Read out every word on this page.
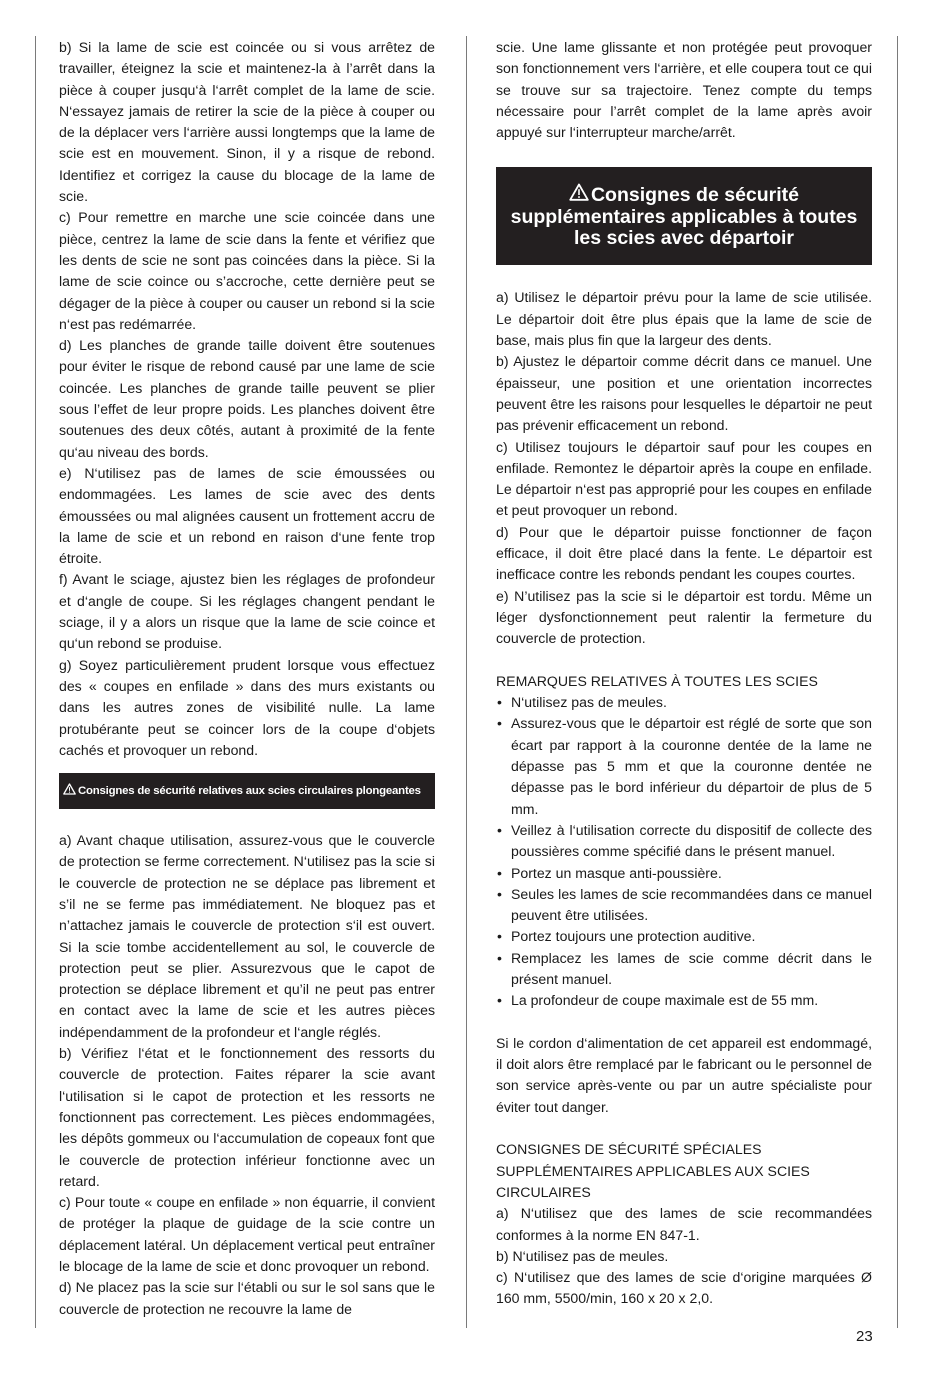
b) Si la lame de scie est coincée ou si vous arrêtez de travailler, éteignez la scie et maintenez-la à l’arrêt dans la pièce à couper jusqu‘à l‘arrêt complet de la lame de scie. N‘essayez jamais de retirer la scie de la pièce à couper ou de la déplacer vers l‘arrière aussi longtemps que la lame de scie est en mouvement. Sinon, il y a risque de rebond. Identifiez et corrigez la cause du blocage de la lame de scie.

c) Pour remettre en marche une scie coincée dans une pièce, centrez la lame de scie dans la fente et vérifiez que les dents de scie ne sont pas coincées dans la pièce. Si la lame de scie coince ou s’accroche, cette dernière peut se dégager de la pièce à couper ou causer un rebond si la scie n‘est pas redémarrée.

d) Les planches de grande taille doivent être soutenues pour éviter le risque de rebond causé par une lame de scie coincée. Les planches de grande taille peuvent se plier sous l’effet de leur propre poids. Les planches doivent être soutenues des deux côtés, autant à proximité de la fente qu‘au niveau des bords.

e) N‘utilisez pas de lames de scie émoussées ou endommagées. Les lames de scie avec des dents émoussées ou mal alignées causent un frottement accru de la lame de scie et un rebond en raison d‘une fente trop étroite.

f) Avant le sciage, ajustez bien les réglages de profondeur et d‘angle de coupe. Si les réglages changent pendant le sciage, il y a alors un risque que la lame de scie coince et qu‘un rebond se produise.

g) Soyez particulièrement prudent lorsque vous effectuez des « coupes en enfilade » dans des murs existants ou dans les autres zones de visibilité nulle. La lame protubérante peut se coincer lors de la coupe d‘objets cachés et provoquer un rebond.

Consignes de sécurité relatives aux scies circulaires plongeantes

a) Avant chaque utilisation, assurez-vous que le couvercle de protection se ferme correctement. N‘utilisez pas la scie si le couvercle de protection ne se déplace pas librement et s’il ne se ferme pas immédiatement. Ne bloquez pas et n’attachez jamais le couvercle de protection s‘il est ouvert. Si la scie tombe accidentellement au sol, le couvercle de protection peut se plier. Assurezvous que le capot de protection se déplace librement et qu’il ne peut pas entrer en contact avec la lame de scie et les autres pièces indépendamment de la profondeur et l‘angle réglés.

b) Vérifiez l‘état et le fonctionnement des ressorts du couvercle de protection. Faites réparer la scie avant l‘utilisation si le capot de protection et les ressorts ne fonctionnent pas correctement. Les pièces endommagées, les dépôts gommeux ou l‘accumulation de copeaux font que le couvercle de protection inférieur fonctionne avec un retard.

c) Pour toute « coupe en enfilade » non équarrie, il convient de protéger la plaque de guidage de la scie contre un déplacement latéral. Un déplacement vertical peut entraîner le blocage de la lame de scie et donc provoquer un rebond.

d) Ne placez pas la scie sur l‘établi ou sur le sol sans que le couvercle de protection ne recouvre la lame de

scie. Une lame glissante et non protégée peut provoquer son fonctionnement vers l‘arrière, et elle coupera tout ce qui se trouve sur sa trajectoire. Tenez compte du temps nécessaire pour l’arrêt complet de la lame après avoir appuyé sur l‘interrupteur marche/arrêt.

Consignes de sécurité
supplémentaires applicables à toutes
les scies avec départoir

a) Utilisez le départoir prévu pour la lame de scie utilisée. Le départoir doit être plus épais que la lame de scie de base, mais plus fin que la largeur des dents.

b) Ajustez le départoir comme décrit dans ce manuel. Une épaisseur, une position et une orientation incorrectes peuvent être les raisons pour lesquelles le départoir ne peut pas prévenir efficacement un rebond.

c) Utilisez toujours le départoir sauf pour les coupes en enfilade. Remontez le départoir après la coupe en enfilade. Le départoir n‘est pas approprié pour les coupes en enfilade et peut provoquer un rebond.

d) Pour que le départoir puisse fonctionner de façon efficace, il doit être placé dans la fente. Le départoir est inefficace contre les rebonds pendant les coupes courtes.

e) N’utilisez pas la scie si le départoir est tordu. Même un léger dysfonctionnement peut ralentir la fermeture du couvercle de protection.

REMARQUES RELATIVES À TOUTES LES SCIES

• N‘utilisez pas de meules.
• Assurez-vous que le départoir est réglé de sorte que son écart par rapport à la couronne dentée de la lame ne dépasse pas 5 mm et que la couronne dentée ne dépasse pas le bord inférieur du départoir de plus de 5 mm.
• Veillez à l‘utilisation correcte du dispositif de collecte des poussières comme spécifié dans le présent manuel.
• Portez un masque anti-poussière.
• Seules les lames de scie recommandées dans ce manuel peuvent être utilisées.
• Portez toujours une protection auditive.
• Remplacez les lames de scie comme décrit dans le présent manuel.
• La profondeur de coupe maximale est de 55 mm.

Si le cordon d‘alimentation de cet appareil est endommagé, il doit alors être remplacé par le fabricant ou le personnel de son service après-vente ou par un autre spécialiste pour éviter tout danger.

CONSIGNES DE SÉCURITÉ SPÉCIALES

SUPPLÉMENTAIRES APPLICABLES AUX SCIES

CIRCULAIRES

a) N‘utilisez que des lames de scie recommandées conformes à la norme EN 847-1.

b) N‘utilisez pas de meules.

c) N‘utilisez que des lames de scie d‘origine marquées Ø 160 mm, 5500/min, 160 x 20 x 2,0.

23
